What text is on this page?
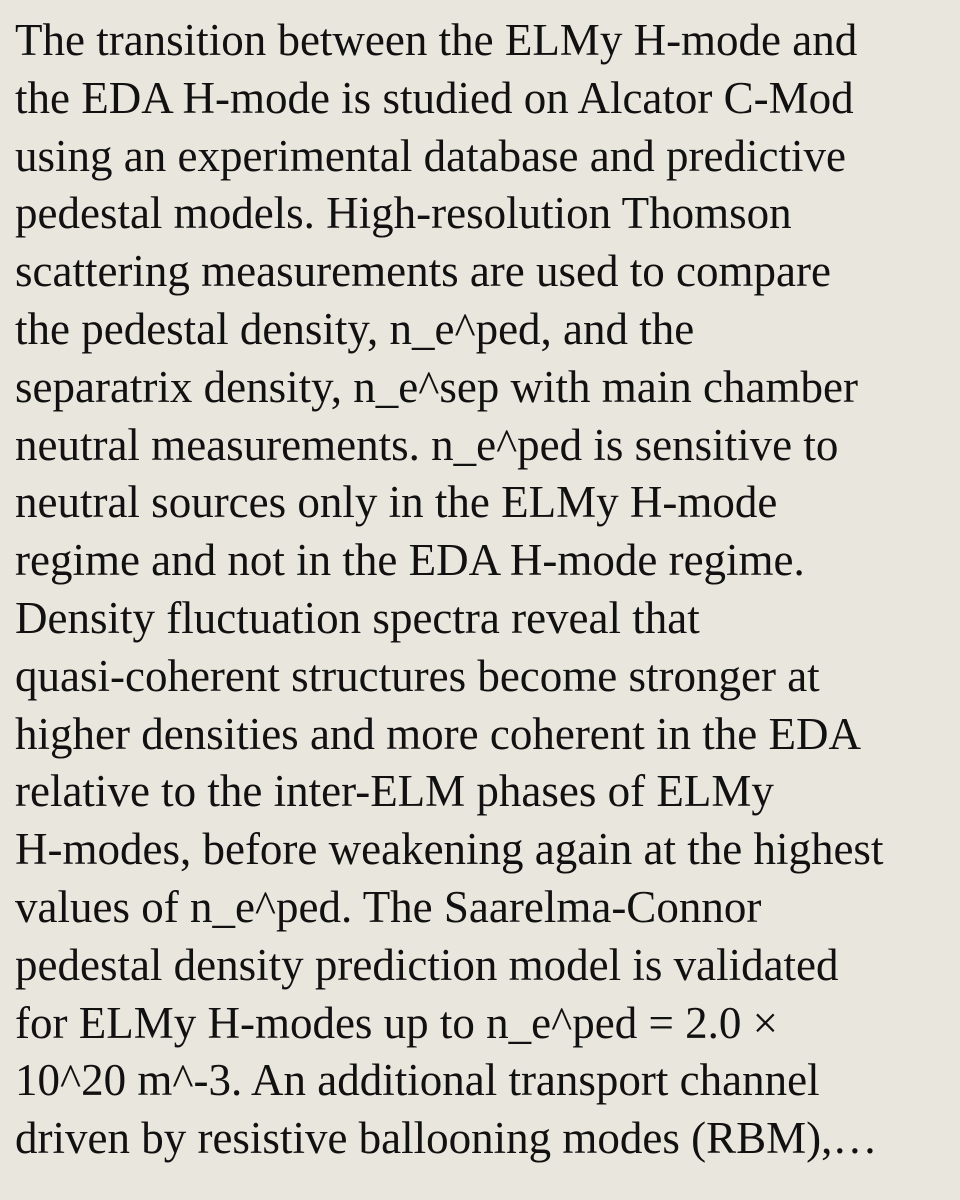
The transition between the ELMy H-mode and
the EDA H-mode is studied on Alcator C-Mod
using an experimental database and predictive
pedestal models. High-resolution Thomson
scattering measurements are used to compare
the pedestal density, n_e^ped, and the
separatrix density, n_e^sep with main chamber
neutral measurements. n_e^ped is sensitive to
neutral sources only in the ELMy H-mode
regime and not in the EDA H-mode regime.
Density fluctuation spectra reveal that
quasi-coherent structures become stronger at
higher densities and more coherent in the EDA
relative to the inter-ELM phases of ELMy
H-modes, before weakening again at the highest
values of n_e^ped. The Saarelma-Connor
pedestal density prediction model is validated
for ELMy H-modes up to n_e^ped = 2.0 ×
10^20 m^-3. An additional transport channel
driven by resistive ballooning modes (RBM),…
